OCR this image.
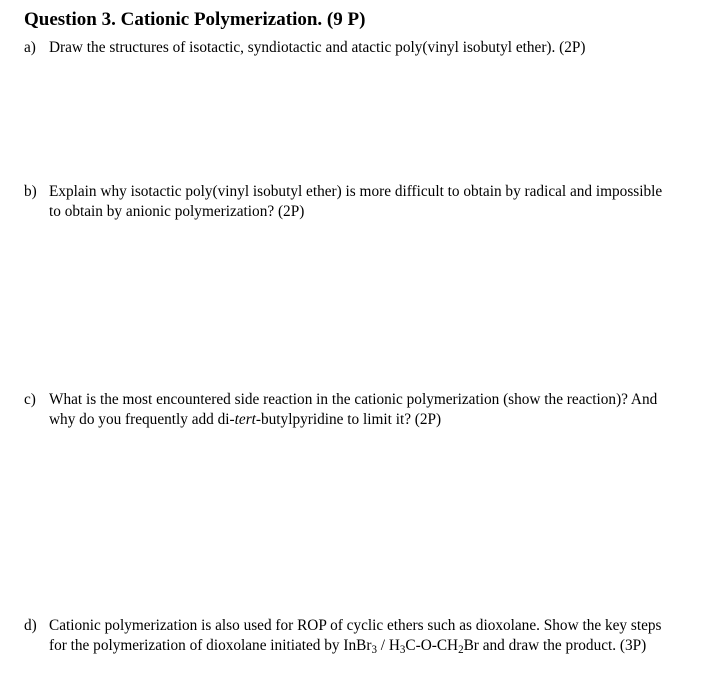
Question 3. Cationic Polymerization. (9 P)
a) Draw the structures of isotactic, syndiotactic and atactic poly(vinyl isobutyl ether). (2P)
b) Explain why isotactic poly(vinyl isobutyl ether) is more difficult to obtain by radical and impossible
to obtain by anionic polymerization? (2P)
c) What is the most encountered side reaction in the cationic polymerization (show the reaction)? And
why do you frequently add di-tert-butylpyridine to limit it? (2P)
d) Cationic polymerization is also used for ROP of cyclic ethers such as dioxolane. Show the key steps
for the polymerization of dioxolane initiated by InBr$_3$ / $H_3C-O-CH_2Br$ and draw the product. (3P)
